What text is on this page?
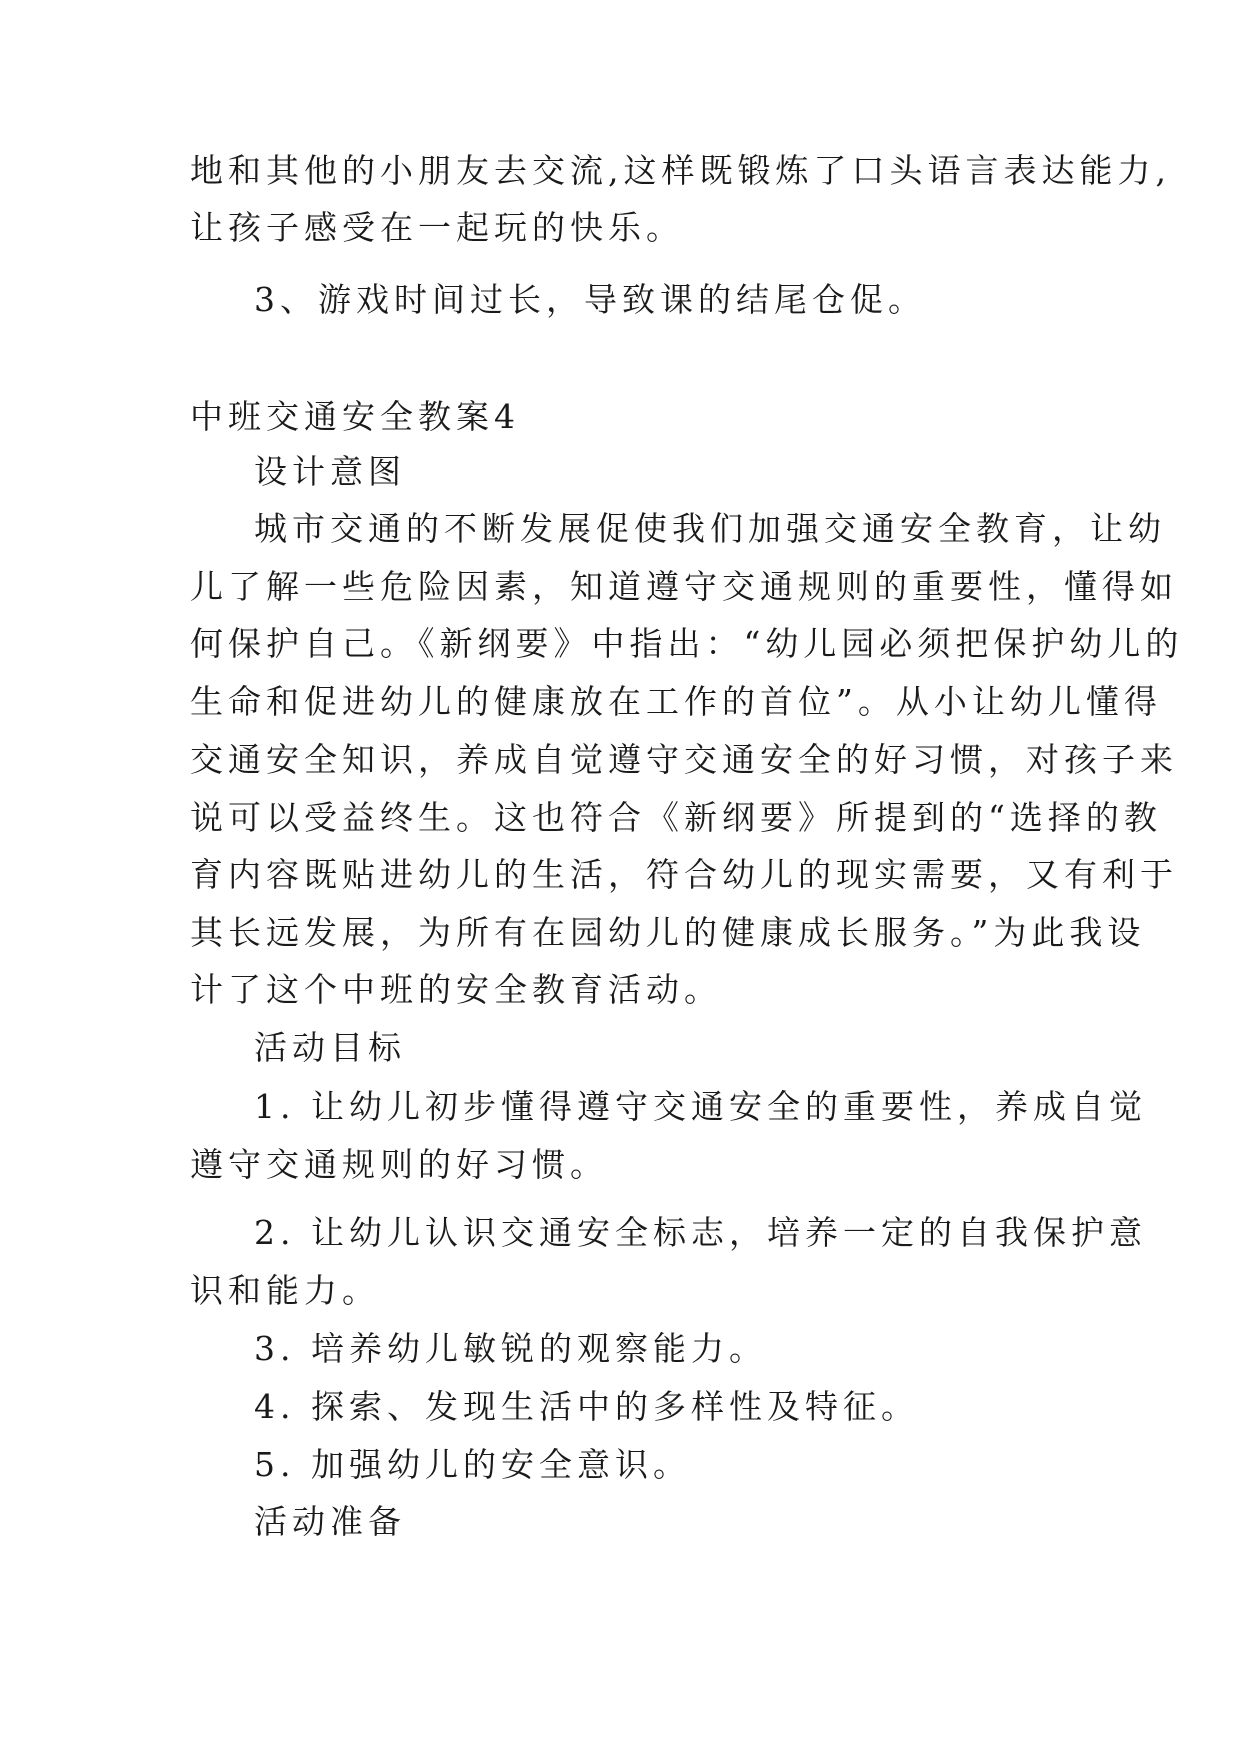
地和其他的小朋友去交流,这样既锻炼了口头语言表达能力,
让孩子感受在一起玩的快乐。
3、游戏时间过长，导致课的结尾仓促。
中班交通安全教案4
设计意图
城市交通的不断发展促使我们加强交通安全教育，让幼
儿了解一些危险因素，知道遵守交通规则的重要性，懂得如
何保护自己。《新纲要》中指出：“幼儿园必须把保护幼儿的
生命和促进幼儿的健康放在工作的首位”。从小让幼儿懂得
交通安全知识，养成自觉遵守交通安全的好习惯，对孩子来
说可以受益终生。这也符合《新纲要》所提到的“选择的教
育内容既贴进幼儿的生活，符合幼儿的现实需要，又有利于
其长远发展，为所有在园幼儿的健康成长服务。”为此我设
计了这个中班的安全教育活动。
活动目标
1. 让幼儿初步懂得遵守交通安全的重要性，养成自觉
遵守交通规则的好习惯。
2. 让幼儿认识交通安全标志，培养一定的自我保护意
识和能力。
3. 培养幼儿敏锐的观察能力。
4. 探索、发现生活中的多样性及特征。
5. 加强幼儿的安全意识。
活动准备
